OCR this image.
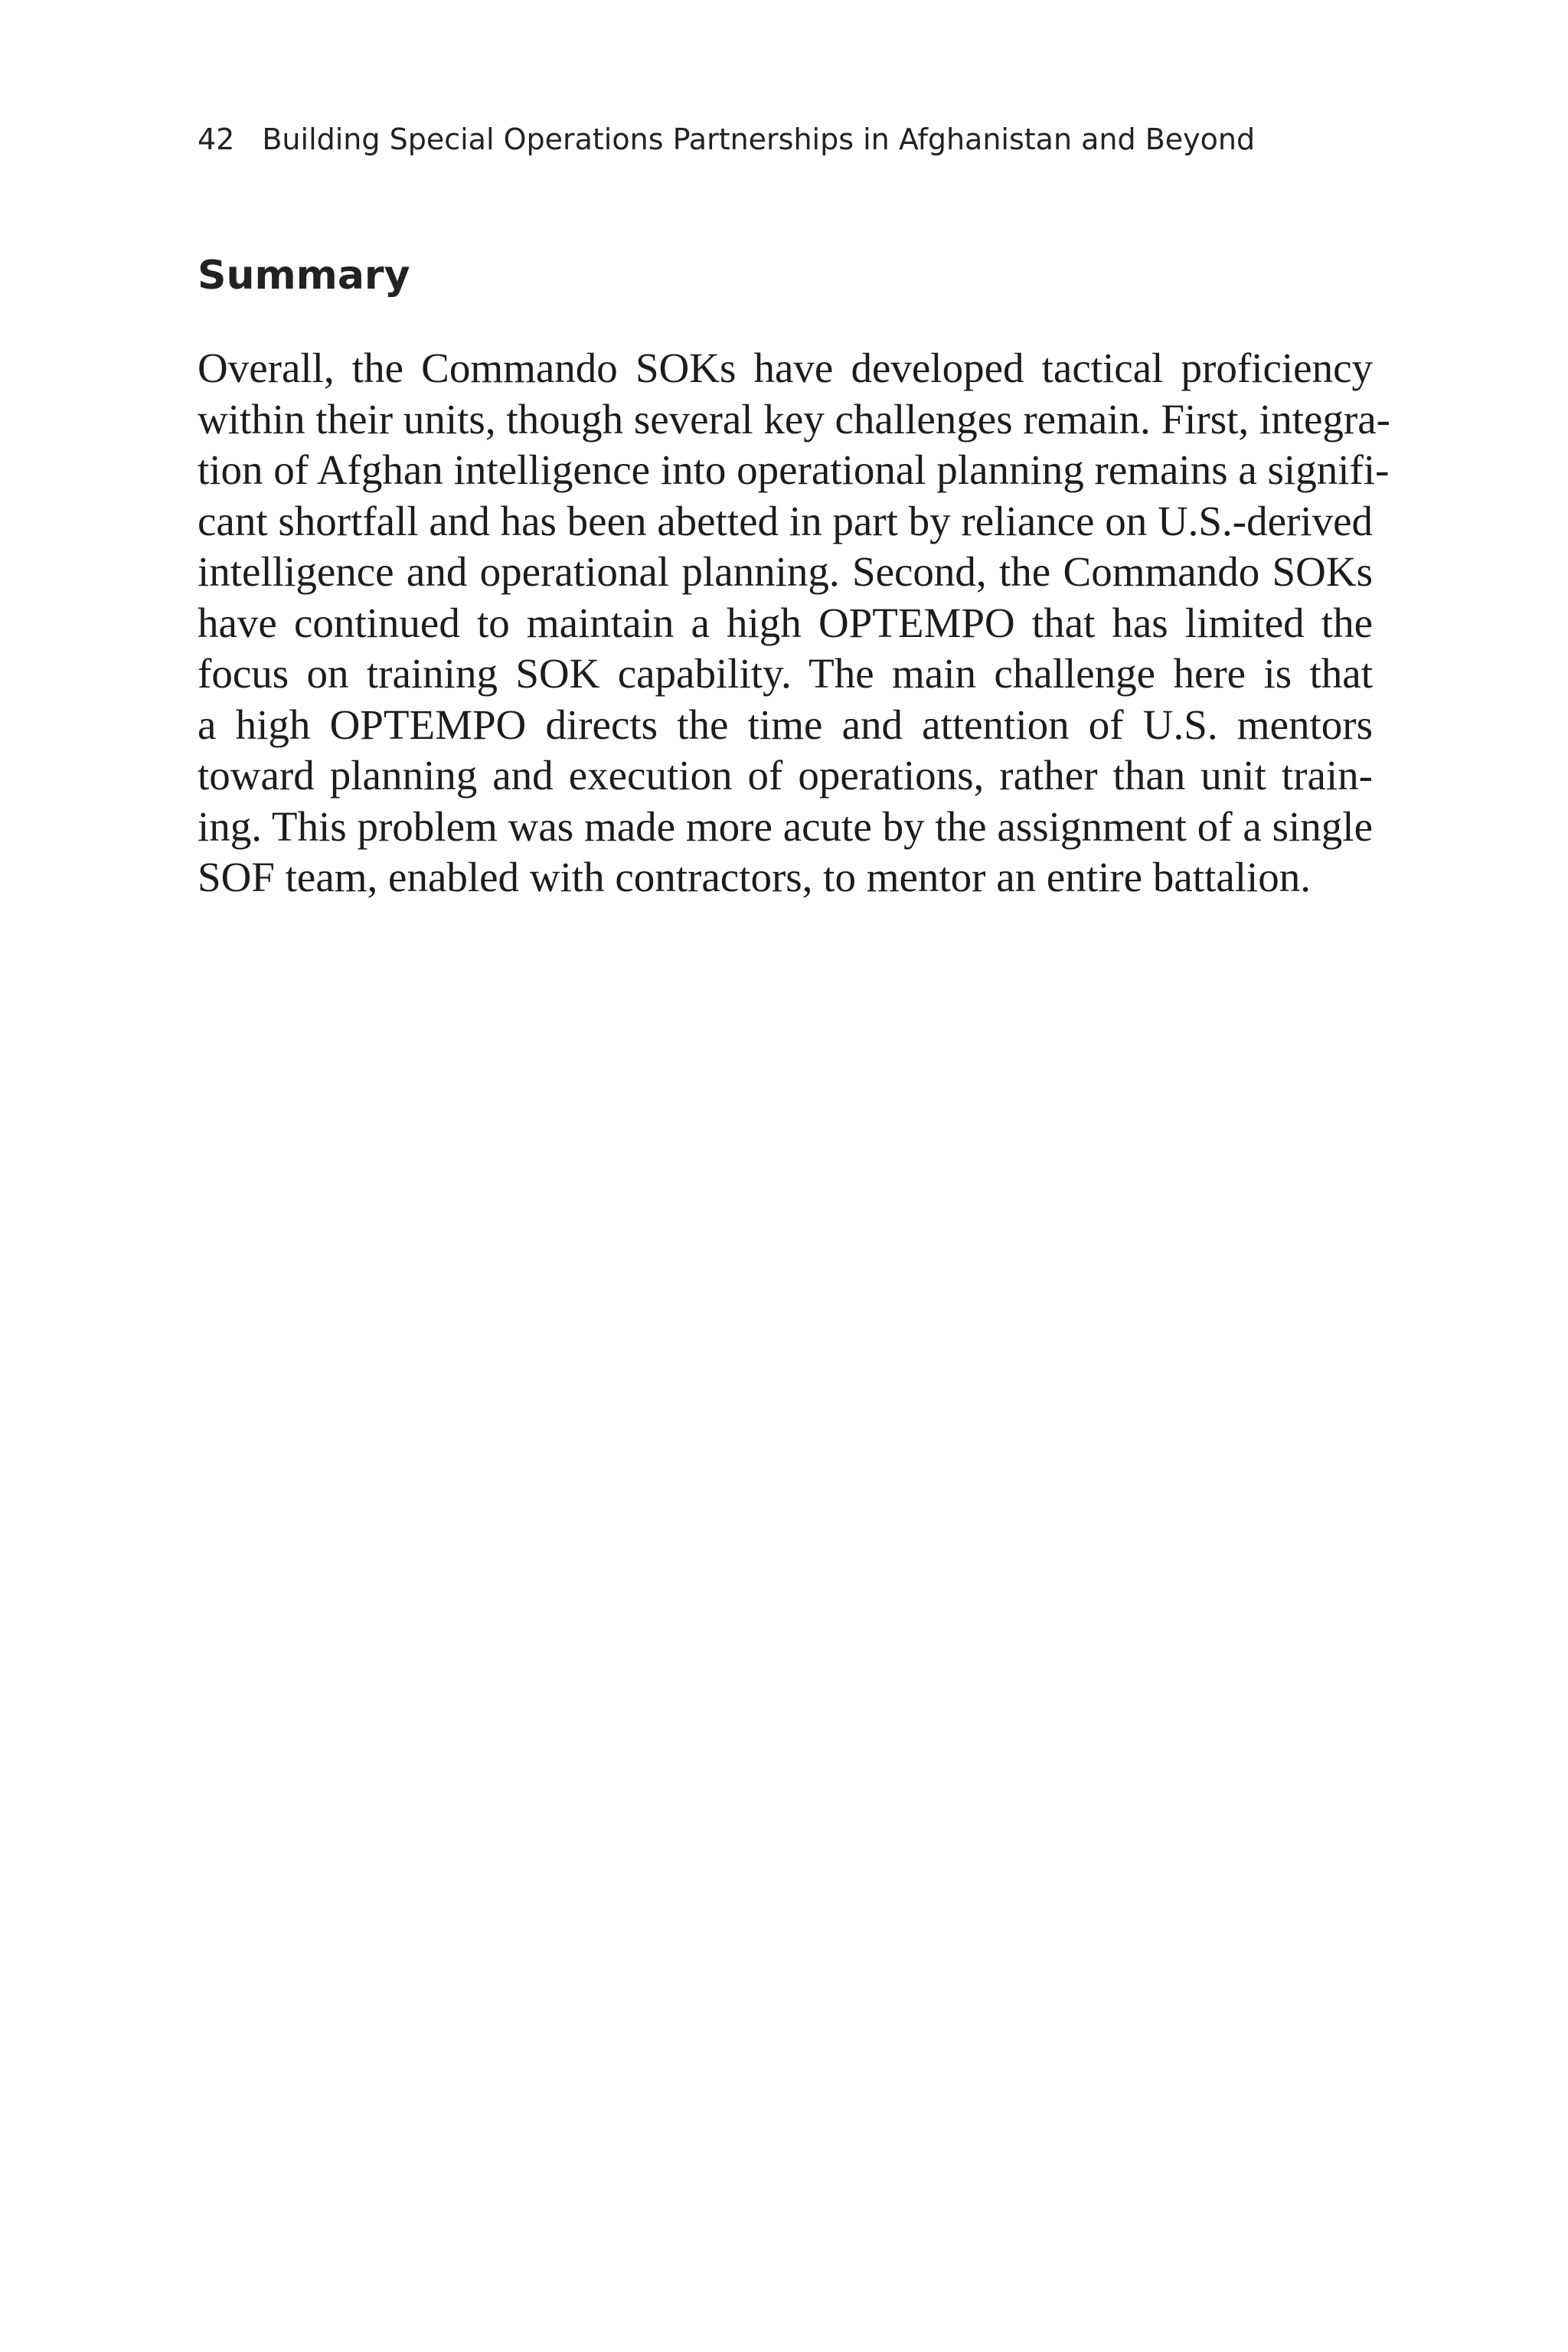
42 Building Special Operations Partnerships in Afghanistan and Beyond
Summary
Overall, the Commando SOKs have developed tactical proficiency
within their units, though several key challenges remain. First, integra-
tion of Afghan intelligence into operational planning remains a signifi-
cant shortfall and has been abetted in part by reliance on U.S.-derived
intelligence and operational planning. Second, the Commando SOKs
have continued to maintain a high OPTEMPO that has limited the
focus on training SOK capability. The main challenge here is that
a high OPTEMPO directs the time and attention of U.S. mentors
toward planning and execution of operations, rather than unit train-
ing. This problem was made more acute by the assignment of a single
SOF team, enabled with contractors, to mentor an entire battalion.
